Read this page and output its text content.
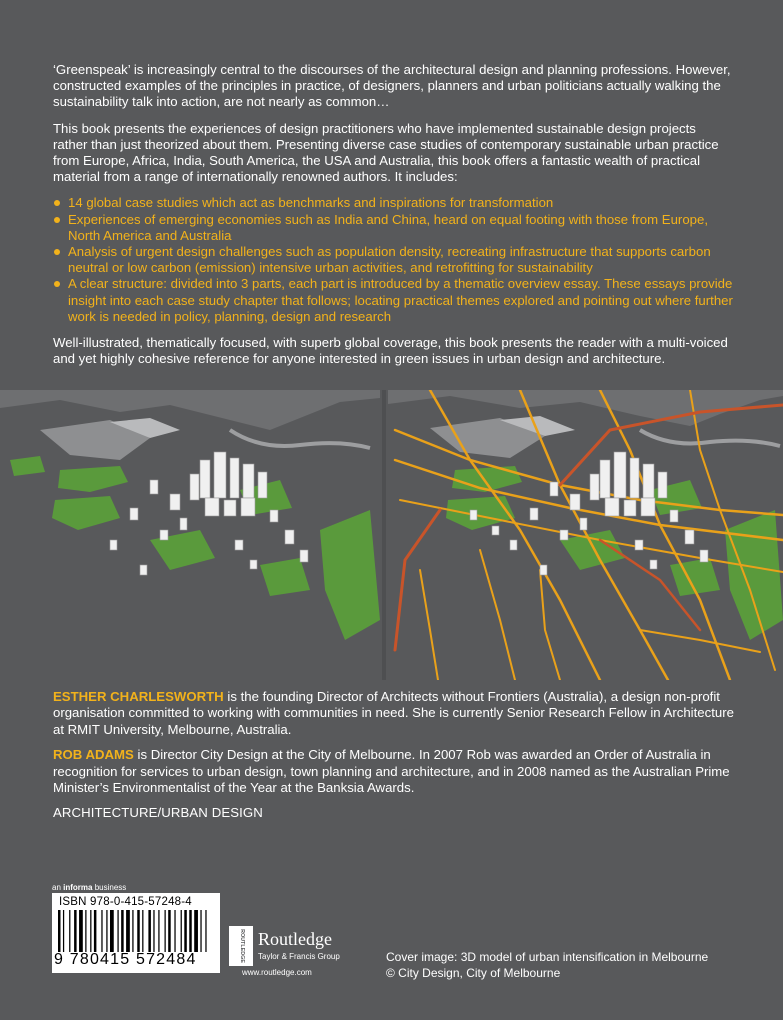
‘Greenspeak’ is increasingly central to the discourses of the architectural design and planning professions. However, constructed examples of the principles in practice, of designers, planners and urban politicians actually walking the sustainability talk into action, are not nearly as common…

This book presents the experiences of design practitioners who have implemented sustainable design projects rather than just theorized about them. Presenting diverse case studies of contemporary sustainable urban practice from Europe, Africa, India, South America, the USA and Australia, this book offers a fantastic wealth of practical material from a range of internationally renowned authors. It includes:

14 global case studies which act as benchmarks and inspirations for transformation
Experiences of emerging economies such as India and China, heard on equal footing with those from Europe, North America and Australia
Analysis of urgent design challenges such as population density, recreating infrastructure that supports carbon neutral or low carbon (emission) intensive urban activities, and retrofitting for sustainability
A clear structure: divided into 3 parts, each part is introduced by a thematic overview essay. These essays provide insight into each case study chapter that follows; locating practical themes explored and pointing out where further work is needed in policy, planning, design and research

Well-illustrated, thematically focused, with superb global coverage, this book presents the reader with a multi-voiced and yet highly cohesive reference for anyone interested in green issues in urban design and architecture.

ESTHER CHARLESWORTH is the founding Director of Architects without Frontiers (Australia), a design non-profit organisation committed to working with communities in need. She is currently Senior Research Fellow in Architecture at RMIT University, Melbourne, Australia.

ROB ADAMS is Director City Design at the City of Melbourne. In 2007 Rob was awarded an Order of Australia in recognition for services to urban design, town planning and architecture, and in 2008 named as the Australian Prime Minister’s Environmentalist of the Year at the Banksia Awards.

ARCHITECTURE/URBAN DESIGN

an informa business
ISBN 978-0-415-57248-4
9 780415 572484	ROUTLEDGE Routledge
Taylor & Francis Group
www.routledge.com
Cover image: 3D model of urban intensification in Melbourne © City Design, City of Melbourne
